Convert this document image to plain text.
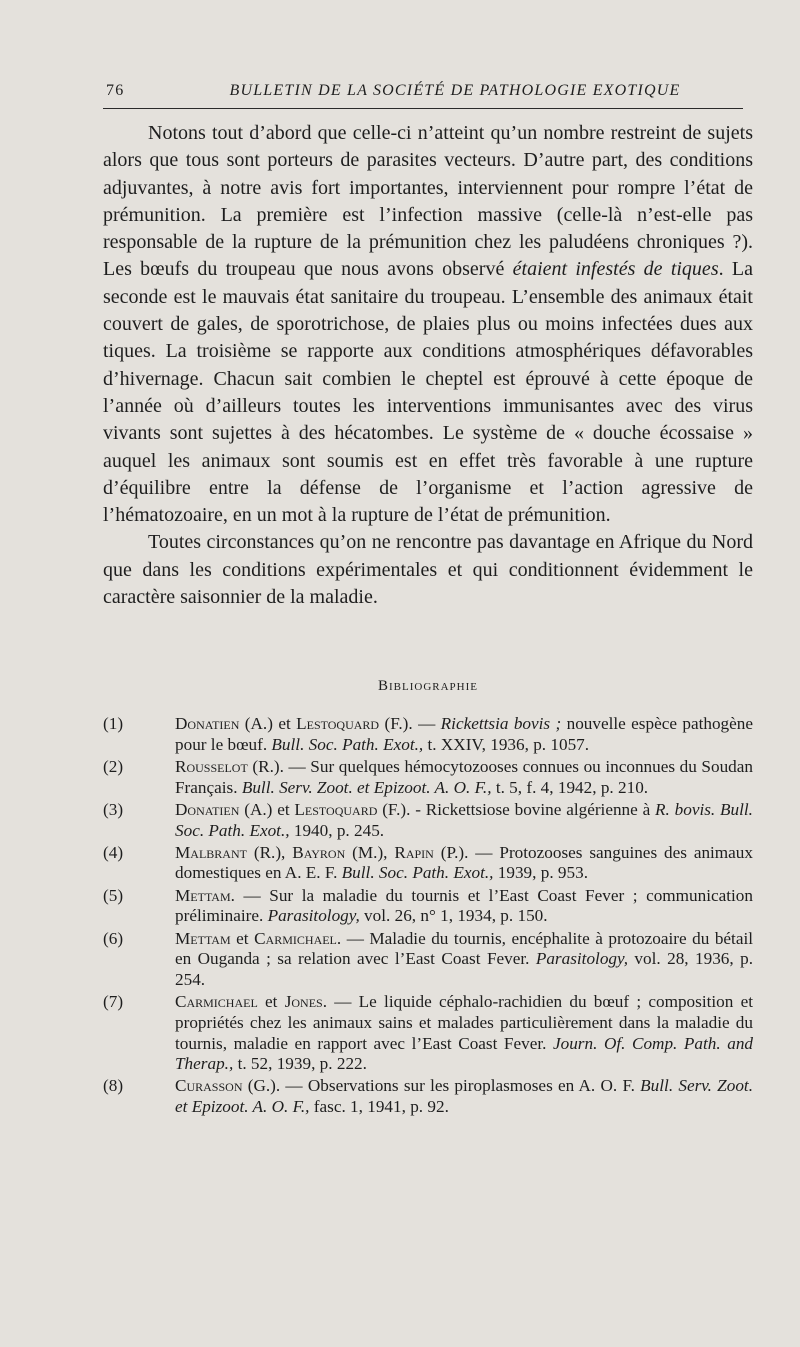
76	BULLETIN DE LA SOCIÉTÉ DE PATHOLOGIE EXOTIQUE

Notons tout d’abord que celle-ci n’atteint qu’un nombre restreint de sujets alors que tous sont porteurs de parasites vecteurs. D’autre part, des conditions adjuvantes, à notre avis fort importantes, interviennent pour rompre l’état de prémunition. La première est l’infection massive (celle-là n’est-elle pas responsable de la rupture de la prémunition chez les paludéens chroniques ?). Les bœufs du troupeau que nous avons observé étaient infestés de tiques. La seconde est le mauvais état sanitaire du troupeau. L’ensemble des animaux était couvert de gales, de sporotrichose, de plaies plus ou moins infectées dues aux tiques. La troisième se rapporte aux conditions atmosphériques défavorables d’hivernage. Chacun sait combien le cheptel est éprouvé à cette époque de l’année où d’ailleurs toutes les interventions immunisantes avec des virus vivants sont sujettes à des hécatombes. Le système de « douche écossaise » auquel les animaux sont soumis est en effet très favorable à une rupture d’équilibre entre la défense de l’organisme et l’action agressive de l’hématozoaire, en un mot à la rupture de l’état de prémunition.

Toutes circonstances qu’on ne rencontre pas davantage en Afrique du Nord que dans les conditions expérimentales et qui conditionnent évidemment le caractère saisonnier de la maladie.

Bibliographie
(1)	Donatien (A.) et Lestoquard (F.). — Rickettsia bovis ; nouvelle espèce pathogène pour le bœuf. Bull. Soc. Path. Exot., t. XXIV, 1936, p. 1057.
(2)	Rousselot (R.). — Sur quelques hémocytozooses connues ou inconnues du Soudan Français. Bull. Serv. Zoot. et Epizoot. A. O. F., t. 5, f. 4, 1942, p. 210.
(3)	Donatien (A.) et Lestoquard (F.). - Rickettsiose bovine algérienne à R. bovis. Bull. Soc. Path. Exot., 1940, p. 245.
(4)	Malbrant (R.), Bayron (M.), Rapin (P.). — Protozooses sanguines des animaux domestiques en A. E. F. Bull. Soc. Path. Exot., 1939, p. 953.
(5)	Mettam. — Sur la maladie du tournis et l’East Coast Fever ; communication préliminaire. Parasitology, vol. 26, n° 1, 1934, p. 150.
(6)	Mettam et Carmichael. — Maladie du tournis, encéphalite à protozoaire du bétail en Ouganda ; sa relation avec l’East Coast Fever. Parasitology, vol. 28, 1936, p. 254.
(7)	Carmichael et Jones. — Le liquide céphalo-rachidien du bœuf ; composition et propriétés chez les animaux sains et malades particulièrement dans la maladie du tournis, maladie en rapport avec l’East Coast Fever. Journ. Of. Comp. Path. and Therap., t. 52, 1939, p. 222.
(8)	Curasson (G.). — Observations sur les piroplasmoses en A. O. F. Bull. Serv. Zoot. et Epizoot. A. O. F., fasc. 1, 1941, p. 92.
